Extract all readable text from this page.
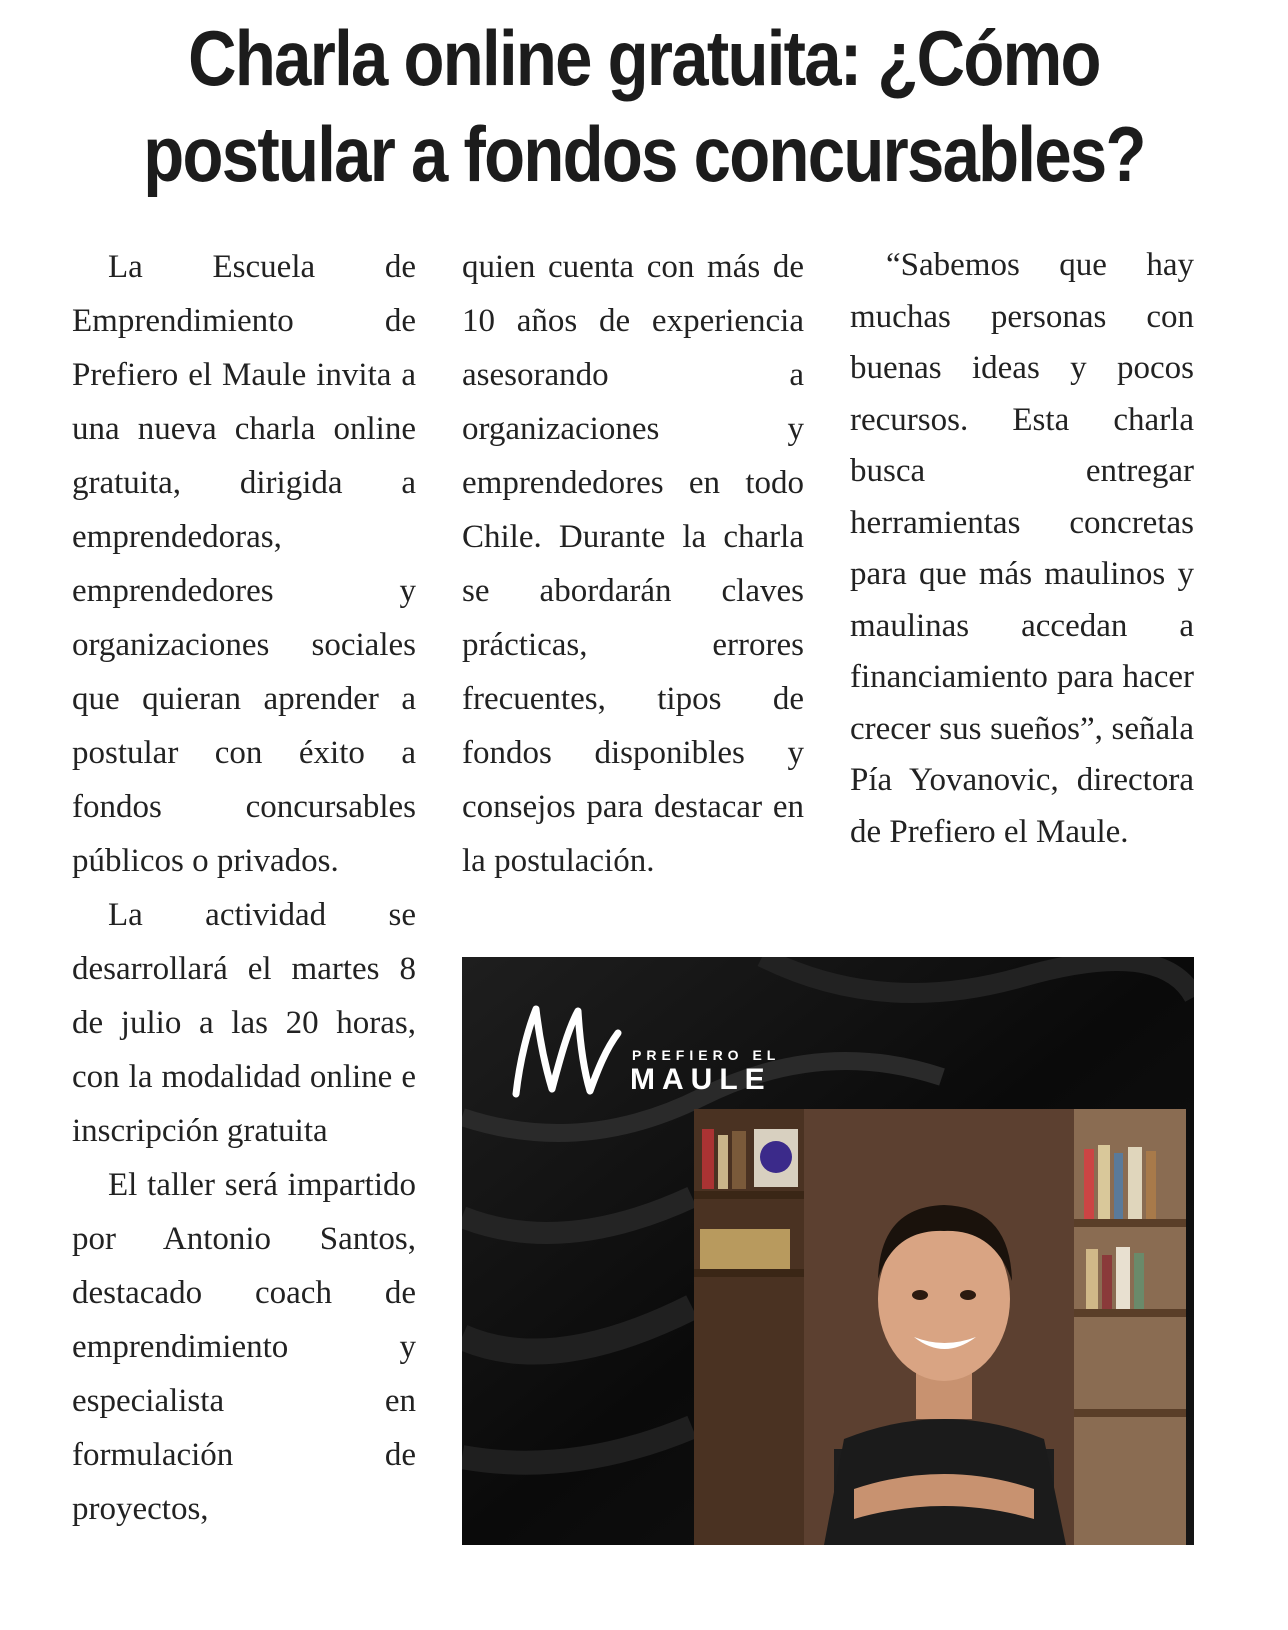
Charla online gratuita: ¿Cómo postular a fondos concursables?

La Escuela de Emprendimiento de Prefiero el Maule invita a una nueva charla online gratuita, dirigida a emprendedoras, emprendedores y organizaciones sociales que quieran aprender a postular con éxito a fondos concursables públicos o privados.

La actividad se desarrollará el martes 8 de julio a las 20 horas, con la modalidad online e inscripción gratuita

El taller será impartido por Antonio Santos, destacado coach de emprendimiento y especialista en formulación de proyectos,

quien cuenta con más de 10 años de experiencia asesorando a organizaciones y emprendedores en todo Chile. Durante la charla se abordarán claves prácticas, errores frecuentes, tipos de fondos disponibles y consejos para destacar en la postulación.

“Sabemos que hay muchas personas con buenas ideas y pocos recursos. Esta charla busca entregar herramientas concretas para que más maulinos y maulinas accedan a financiamiento para hacer crecer sus sueños”, señala Pía Yovanovic, directora de Prefiero el Maule.

PREFIERO EL
MAULE
